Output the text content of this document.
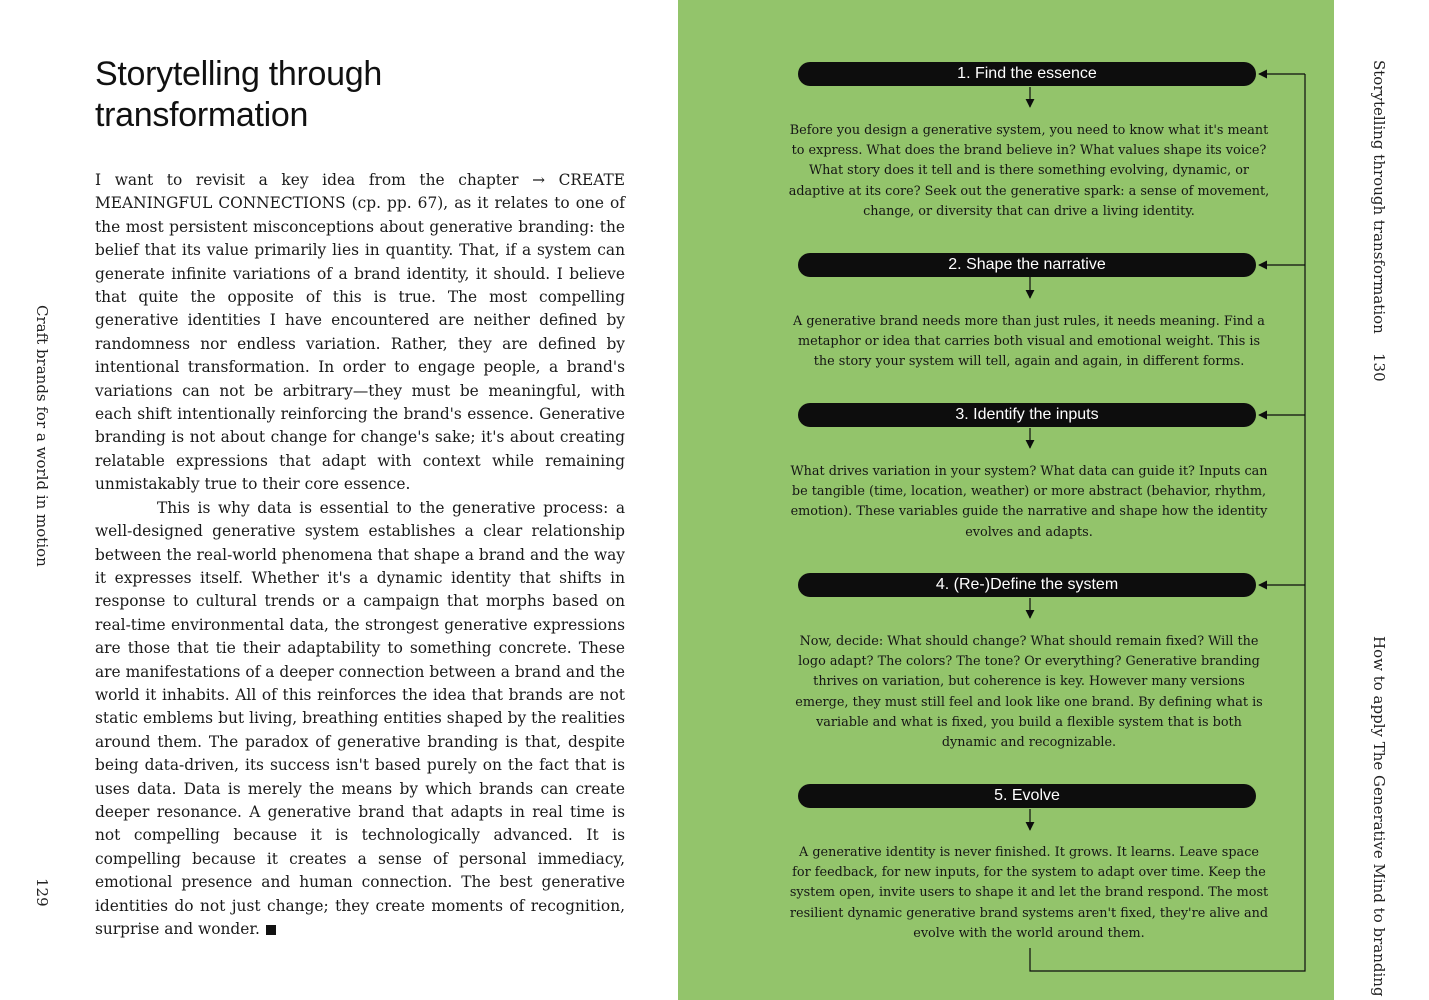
Storytelling through
transformation

I want to revisit a key idea from the chapter → CREATE MEANINGFUL CONNECTIONS (cp. pp. 67), as it relates to one of the most persistent misconceptions about generative branding: the belief that its value primarily lies in quantity. That, if a system can generate infinite variations of a brand identity, it should. I believe that quite the opposite of this is true. The most compelling generative identities I have encountered are neither defined by randomness nor endless variation. Rather, they are defined by intentional transformation. In order to engage people, a brand's variations can not be arbitrary—they must be meaningful, with each shift intentionally reinforcing the brand's essence. Generative branding is not about change for change's sake; it's about creating relatable expressions that adapt with context while remaining unmistakably true to their core essence.

This is why data is essential to the generative process: a well-designed generative system establishes a clear relationship between the real-world phenomena that shape a brand and the way it expresses itself. Whether it's a dynamic identity that shifts in response to cultural trends or a campaign that morphs based on real-time environmental data, the strongest generative expressions are those that tie their adaptability to something concrete. These are manifestations of a deeper connection between a brand and the world it inhabits. All of this reinforces the idea that brands are not static emblems but living, breathing entities shaped by the realities around them. The paradox of generative branding is that, despite being data-driven, its success isn't based purely on the fact that is uses data. Data is merely the means by which brands can create deeper resonance. A generative brand that adapts in real time is not compelling because it is technologically advanced. It is compelling because it creates a sense of personal immediacy, emotional presence and human connection. The best generative identities do not just change; they create moments of recognition, surprise and wonder.

Craft brands for a world in motion
129
1. Find the essence
Before you design a generative system, you need to know what it's meant to express. What does the brand believe in? What values shape its voice? What story does it tell and is there something evolving, dynamic, or adaptive at its core? Seek out the generative spark: a sense of movement, change, or diversity that can drive a living identity.
2. Shape the narrative
A generative brand needs more than just rules, it needs meaning. Find a metaphor or idea that carries both visual and emotional weight. This is the story your system will tell, again and again, in different forms.
3. Identify the inputs
What drives variation in your system? What data can guide it? Inputs can be tangible (time, location, weather) or more abstract (behavior, rhythm, emotion). These variables guide the narrative and shape how the identity evolves and adapts.
4. (Re-)Define the system
Now, decide: What should change? What should remain fixed? Will the logo adapt? The colors? The tone? Or everything? Generative branding thrives on variation, but coherence is key. However many versions emerge, they must still feel and look like one brand. By defining what is variable and what is fixed, you build a flexible system that is both dynamic and recognizable.
5. Evolve
A generative identity is never finished. It grows. It learns. Leave space for feedback, for new inputs, for the system to adapt over time. Keep the system open, invite users to shape it and let the brand respond. The most resilient dynamic generative brand systems aren't fixed, they're alive and evolve with the world around them.
Storytelling through transformation
130
How to apply The Generative Mind to branding
